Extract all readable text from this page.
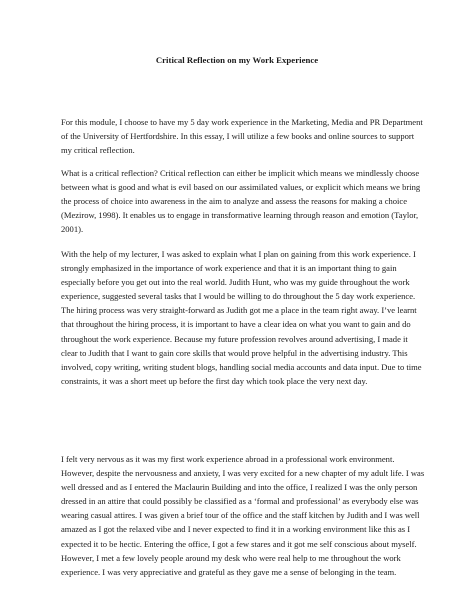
Critical Reflection on my Work Experience
For this module, I choose to have my 5 day work experience in the Marketing, Media and PR Department
of the University of Hertfordshire. In this essay, I will utilize a few books and online sources to support
my critical reflection.
What is a critical reflection? Critical reflection can either be implicit which means we mindlessly choose
between what is good and what is evil based on our assimilated values, or explicit which means we bring
the process of choice into awareness in the aim to analyze and assess the reasons for making a choice
(Mezirow, 1998). It enables us to engage in transformative learning through reason and emotion (Taylor,
2001).
With the help of my lecturer, I was asked to explain what I plan on gaining from this work experience. I
strongly emphasized in the importance of work experience and that it is an important thing to gain
especially before you get out into the real world. Judith Hunt, who was my guide throughout the work
experience, suggested several tasks that I would be willing to do throughout the 5 day work experience.
The hiring process was very straight-forward as Judith got me a place in the team right away. I’ve learnt
that throughout the hiring process, it is important to have a clear idea on what you want to gain and do
throughout the work experience. Because my future profession revolves around advertising, I made it
clear to Judith that I want to gain core skills that would prove helpful in the advertising industry. This
involved, copy writing, writing student blogs, handling social media accounts and data input. Due to time
constraints, it was a short meet up before the first day which took place the very next day.
I felt very nervous as it was my first work experience abroad in a professional work environment.
However, despite the nervousness and anxiety, I was very excited for a new chapter of my adult life. I was
well dressed and as I entered the Maclaurin Building and into the office, I realized I was the only person
dressed in an attire that could possibly be classified as a ‘formal and professional’ as everybody else was
wearing casual attires. I was given a brief tour of the office and the staff kitchen by Judith and I was well
amazed as I got the relaxed vibe and I never expected to find it in a working environment like this as I
expected it to be hectic. Entering the office, I got a few stares and it got me self conscious about myself.
However, I met a few lovely people around my desk who were real help to me throughout the work
experience. I was very appreciative and grateful as they gave me a sense of belonging in the team.
